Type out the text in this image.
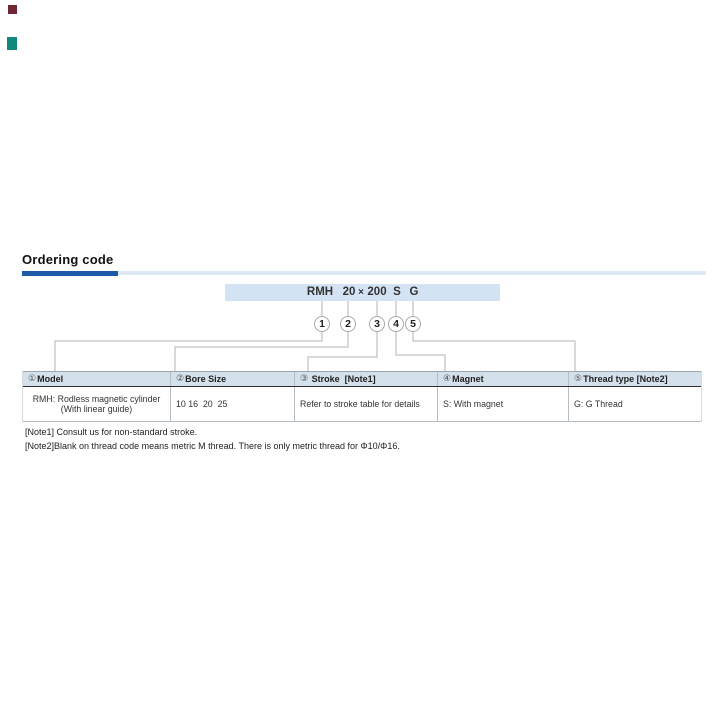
Ordering code
RMH 20 × 200 S G
1	2	3	4	5
① Model	② Bore Size	③ Stroke  [Note1]	④ Magnet	⑤ Thread type [Note2]
RMH: Rodless magnetic cylinder
(With linear guide)	10 16  20  25	Refer to stroke table for details	S: With magnet	G: G Thread
[Note1] Consult us for non-standard stroke.
[Note2]Blank on thread code means metric M thread. There is only metric thread for Φ10/Φ16.
